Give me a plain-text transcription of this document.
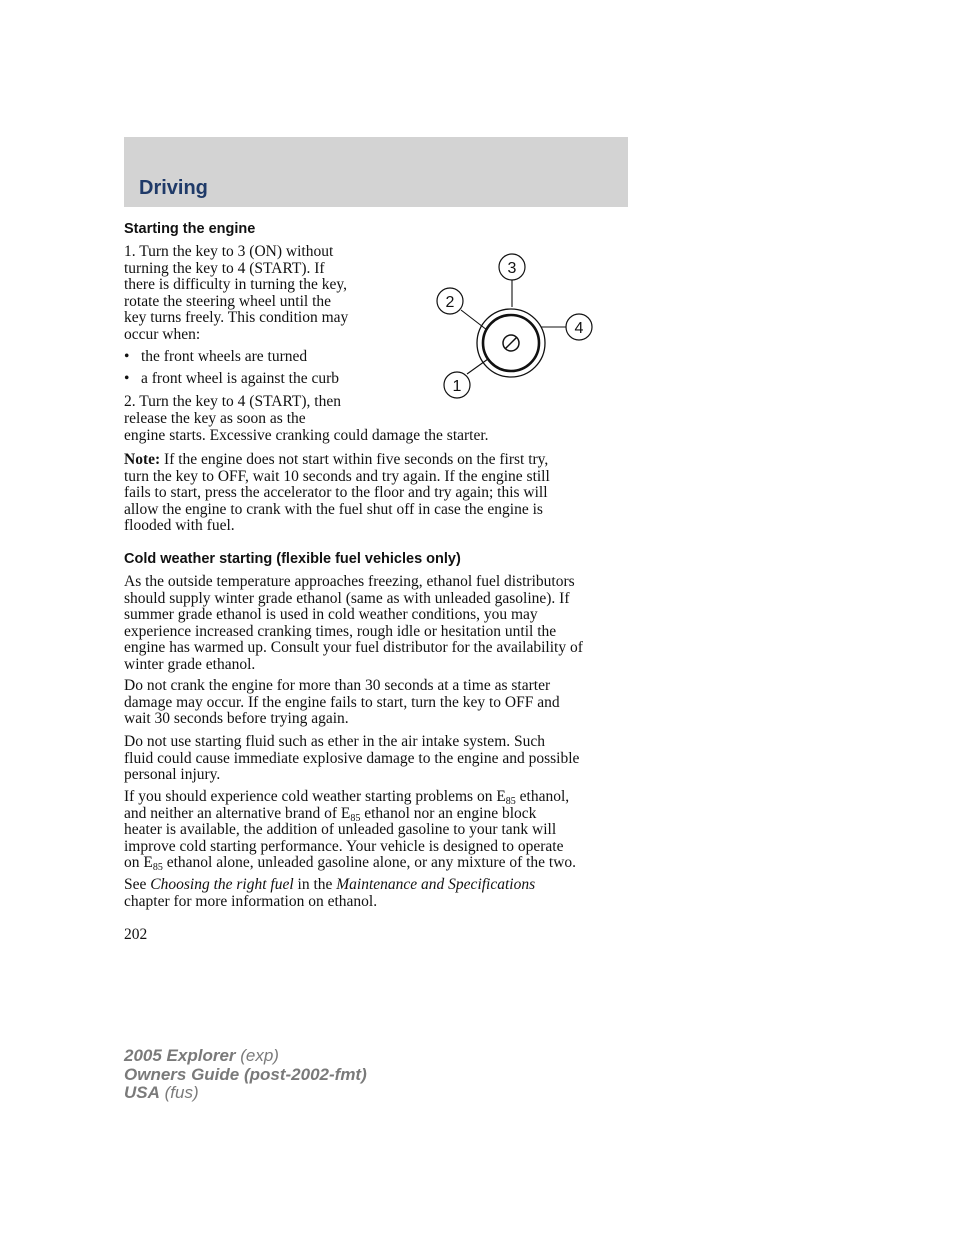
Driving
Starting the engine
1. Turn the key to 3 (ON) without
turning the key to 4 (START). If
there is difficulty in turning the key,
rotate the steering wheel until the
key turns freely. This condition may
occur when:
• the front wheels are turned
• a front wheel is against the curb
2. Turn the key to 4 (START), then
release the key as soon as the
engine starts. Excessive cranking could damage the starter.
Note: If the engine does not start within five seconds on the first try,
turn the key to OFF, wait 10 seconds and try again. If the engine still
fails to start, press the accelerator to the floor and try again; this will
allow the engine to crank with the fuel shut off in case the engine is
flooded with fuel.
3
2
4
1
Cold weather starting (flexible fuel vehicles only)
As the outside temperature approaches freezing, ethanol fuel distributors
should supply winter grade ethanol (same as with unleaded gasoline). If
summer grade ethanol is used in cold weather conditions, you may
experience increased cranking times, rough idle or hesitation until the
engine has warmed up. Consult your fuel distributor for the availability of
winter grade ethanol.
Do not crank the engine for more than 30 seconds at a time as starter
damage may occur. If the engine fails to start, turn the key to OFF and
wait 30 seconds before trying again.
Do not use starting fluid such as ether in the air intake system. Such
fluid could cause immediate explosive damage to the engine and possible
personal injury.
If you should experience cold weather starting problems on $E_{85}$ ethanol,
and neither an alternative brand of $E_{85}$ ethanol nor an engine block
heater is available, the addition of unleaded gasoline to your tank will
improve cold starting performance. Your vehicle is designed to operate
on $E_{85}$ ethanol alone, unleaded gasoline alone, or any mixture of the two.
See Choosing the right fuel in the Maintenance and Specifications
chapter for more information on ethanol.
202
2005 Explorer (exp)
Owners Guide (post-2002-fmt)
USA (fus)
